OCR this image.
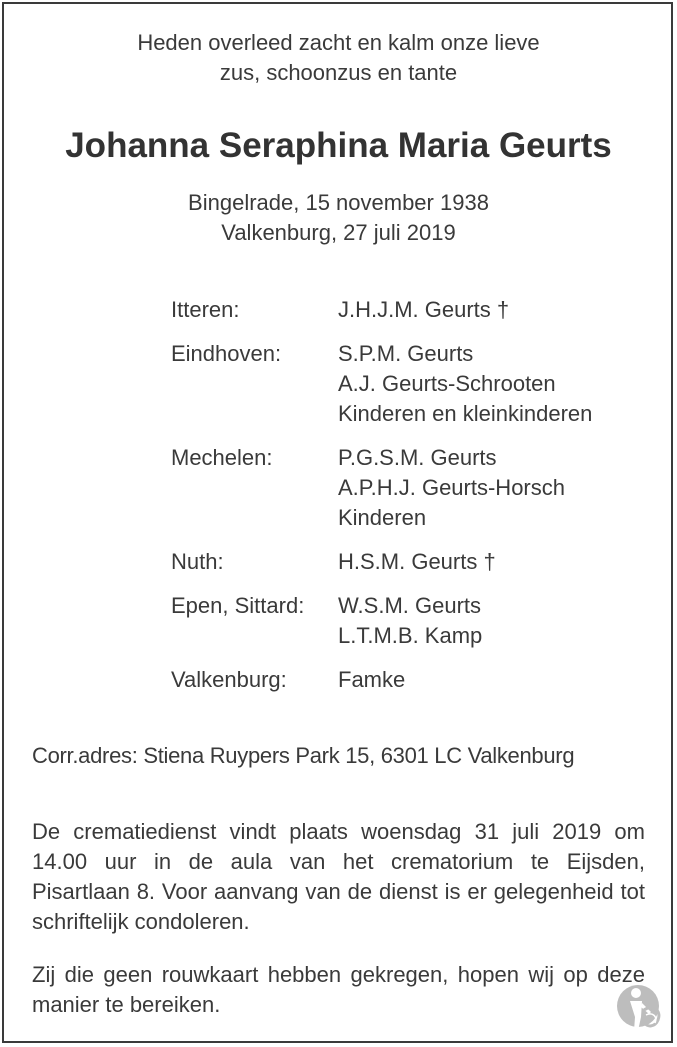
Heden overleed zacht en kalm onze lieve
zus, schoonzus en tante
Johanna Seraphina Maria Geurts
Bingelrade, 15 november 1938
Valkenburg, 27 juli 2019
Itteren:	J.H.J.M. Geurts †
Eindhoven:	S.P.M. Geurts
A.J. Geurts-Schrooten
Kinderen en kleinkinderen
Mechelen:	P.G.S.M. Geurts
A.P.H.J. Geurts-Horsch
Kinderen
Nuth:	H.S.M. Geurts †
Epen, Sittard:	W.S.M. Geurts
L.T.M.B. Kamp
Valkenburg:	Famke
Corr.adres: Stiena Ruypers Park 15, 6301 LC Valkenburg
De crematiedienst vindt plaats woensdag 31 juli 2019 om 14.00 uur in de aula van het crematorium te Eijsden, Pisartlaan 8. Voor aanvang van de dienst is er gelegenheid tot schriftelijk condoleren.
Zij die geen rouwkaart hebben gekregen, hopen wij op deze manier te bereiken.
